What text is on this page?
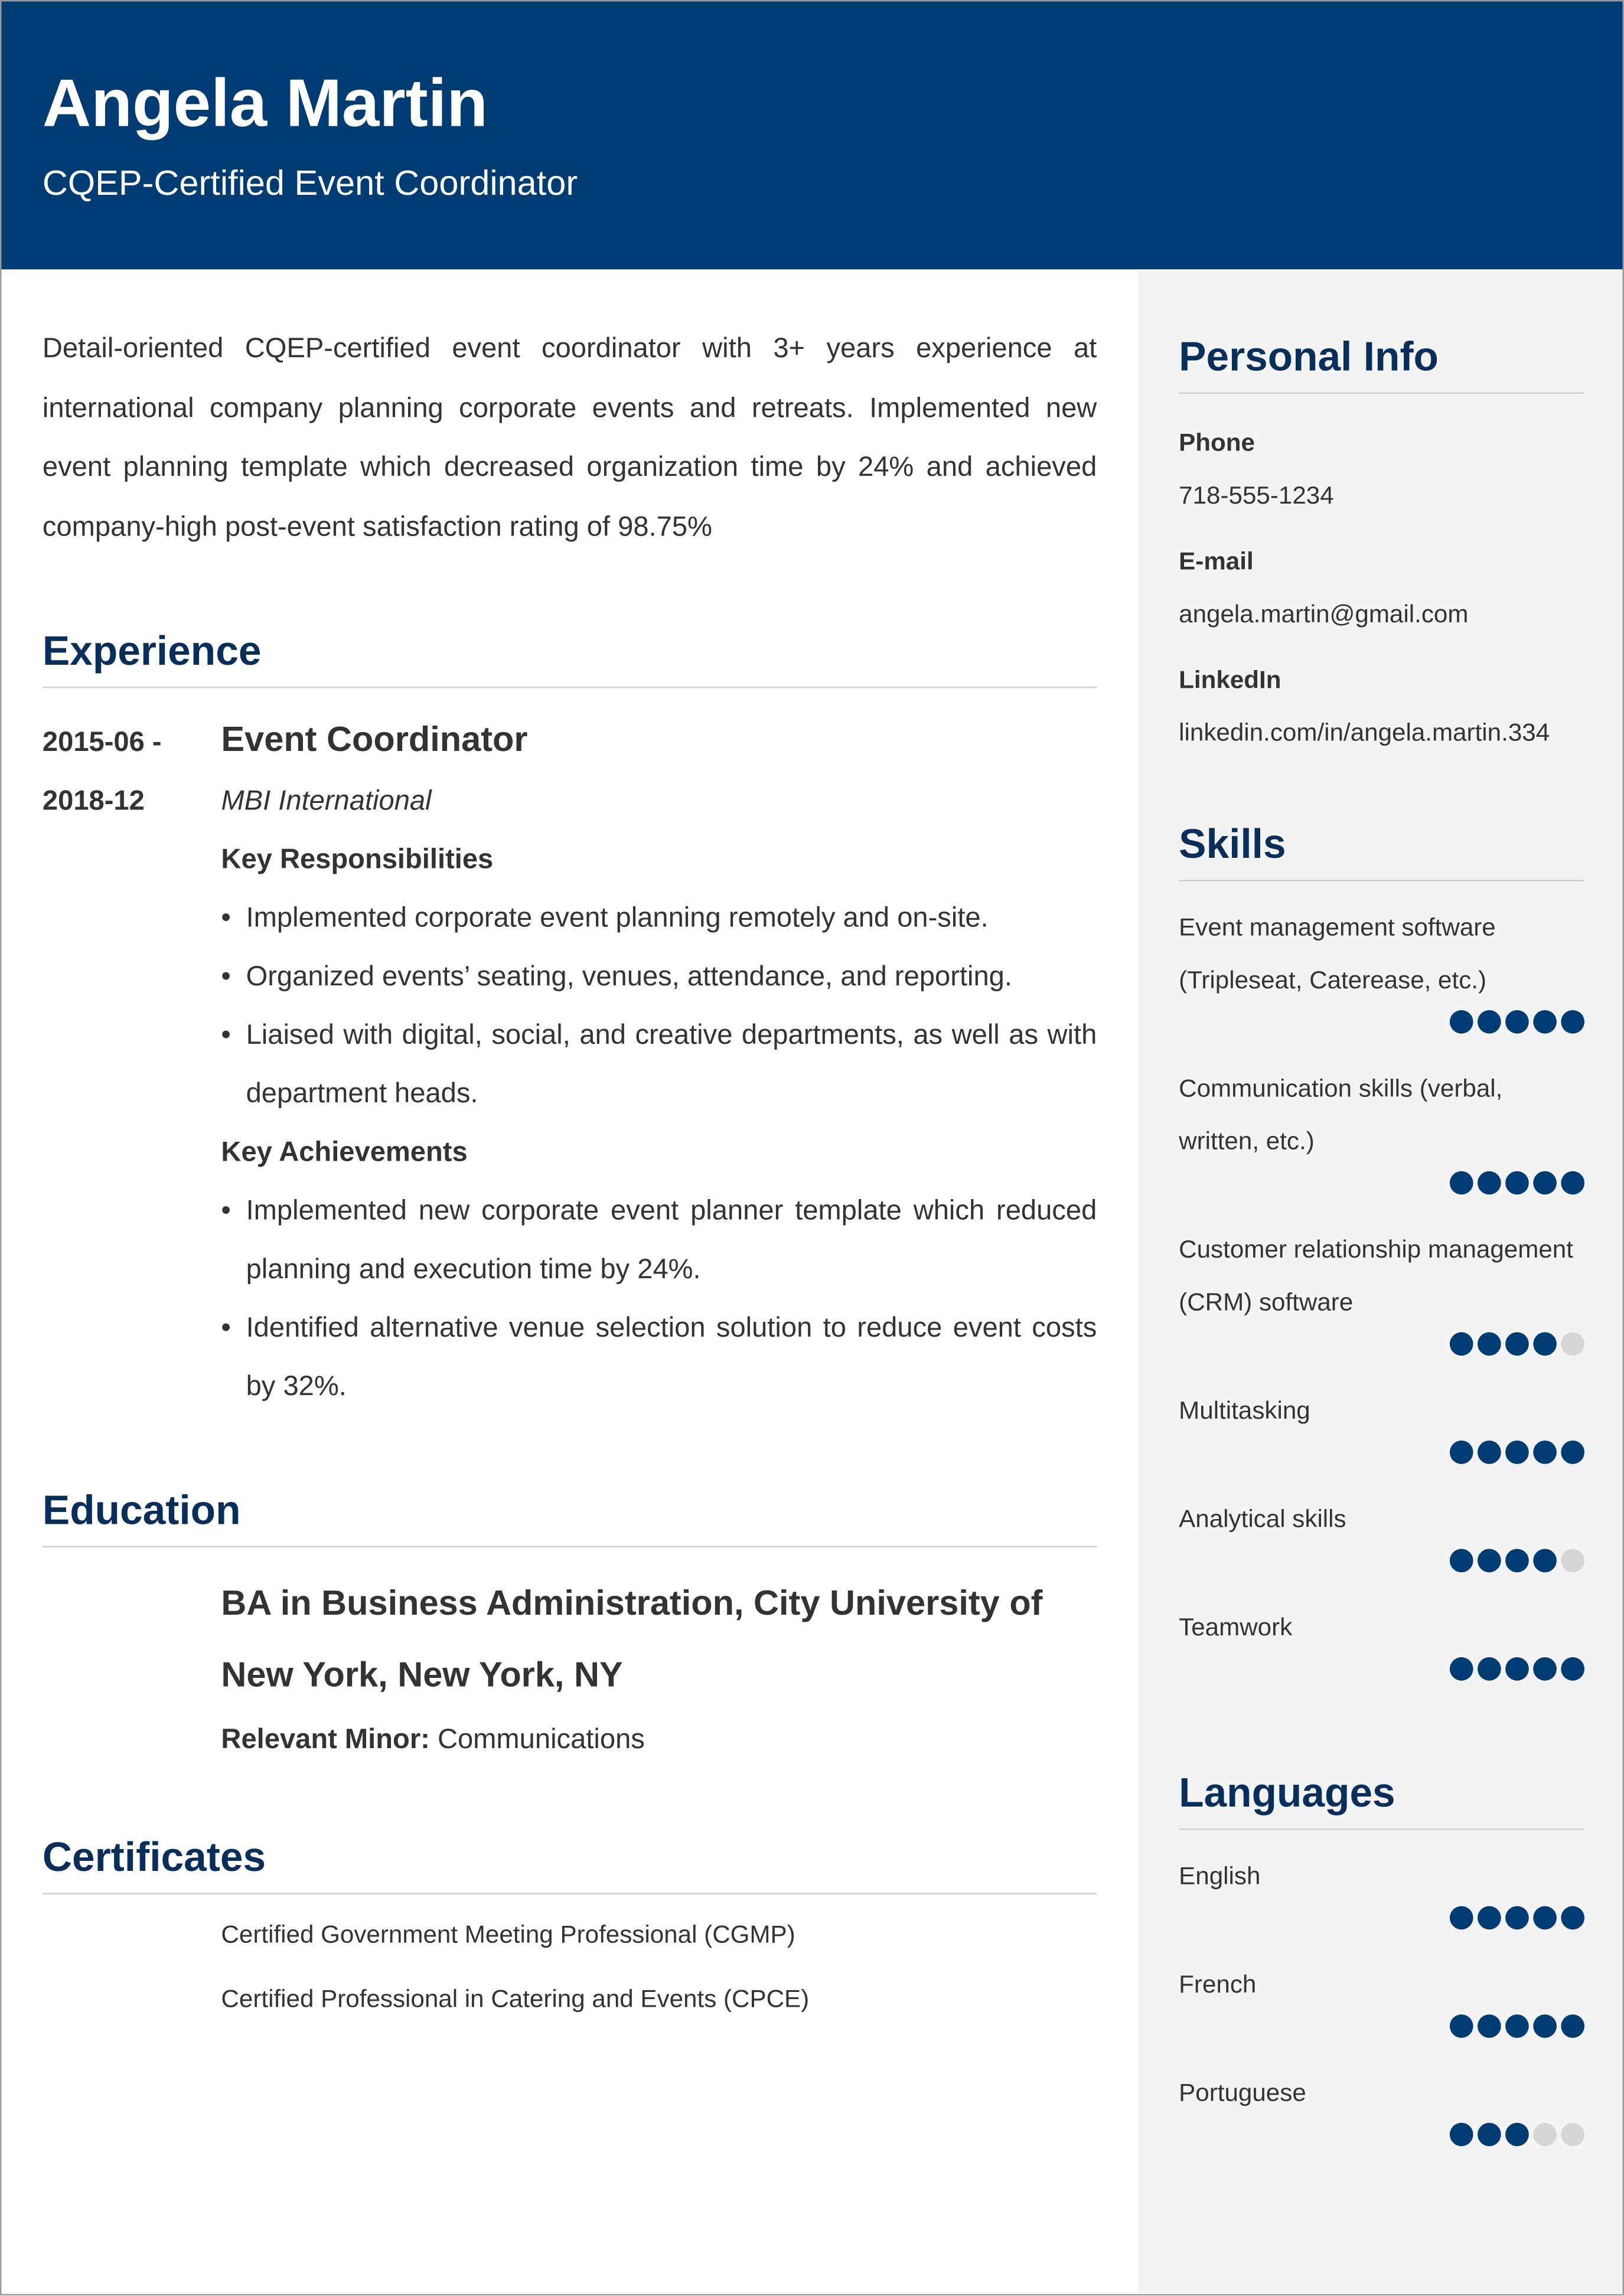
Angela Martin
CQEP-Certified Event Coordinator

Detail-oriented CQEP-certified event coordinator with 3+ years experience at international company planning corporate events and retreats. Implemented new event planning template which decreased organization time by 24% and achieved company-high post-event satisfaction rating of 98.75%

Experience
2015-06 -
2018-12
Event Coordinator
MBI International
Key Responsibilities
• Implemented corporate event planning remotely and on-site.
• Organized events’ seating, venues, attendance, and reporting.
• Liaised with digital, social, and creative departments, as well as with department heads.
Key Achievements
• Implemented new corporate event planner template which reduced planning and execution time by 24%.
• Identified alternative venue selection solution to reduce event costs by 32%.
Education
BA in Business Administration, City University of New York, New York, NY
Relevant Minor: Communications
Certificates
Certified Government Meeting Professional (CGMP)
Certified Professional in Catering and Events (CPCE)
Personal Info
Phone
718-555-1234
E-mail
angela.martin@gmail.com
LinkedIn
linkedin.com/in/angela.martin.334
Skills
Event management software (Tripleseat, Caterease, etc.)
Communication skills (verbal, written, etc.)
Customer relationship management (CRM) software
Multitasking
Analytical skills
Teamwork
Languages
English
French
Portuguese
